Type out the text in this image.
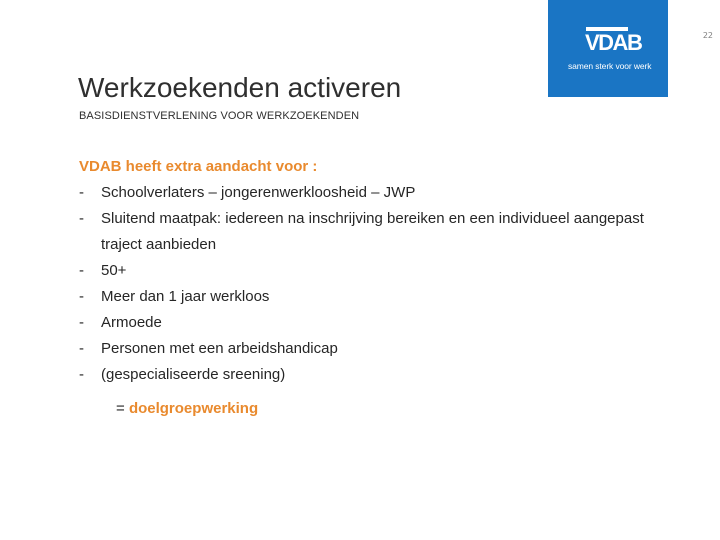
22
VDAB
samen sterk voor werk
Werkzoekenden activeren
BASISDIENSTVERLENING VOOR WERKZOEKENDEN
VDAB heeft extra aandacht voor :
-	Schoolverlaters – jongerenwerkloosheid – JWP
-	Sluitend maatpak: iedereen na inschrijving bereiken en een individueel aangepast traject aanbieden
-	50+
-	Meer dan 1 jaar werkloos
-	Armoede
-	Personen met een arbeidshandicap
-	(gespecialiseerde sreening)
= doelgroepwerking
